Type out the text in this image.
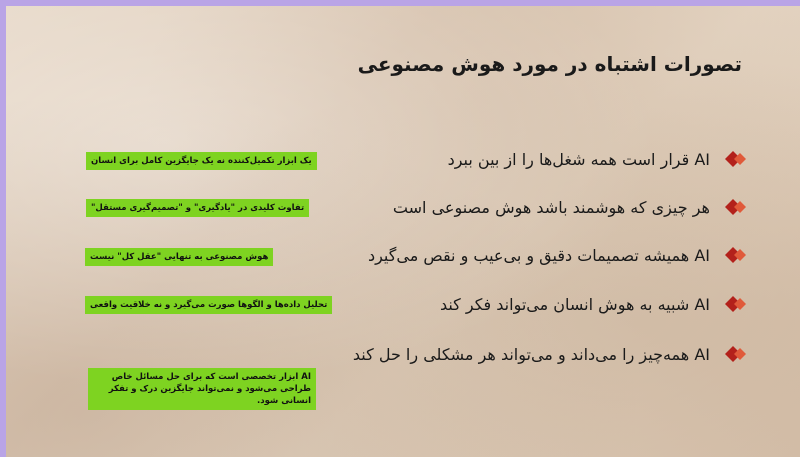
تصورات اشتباه در مورد هوش مصنوعی
AI قرار است همه شغل‌ها را از بین ببرد
یک ابزار تکمیل‌کننده نه یک جایگزین کامل برای انسان
هر چیزی که هوشمند باشد هوش مصنوعی است
تفاوت کلیدی در "یادگیری" و "تصمیم‌گیری مستقل"
AI همیشه تصمیمات دقیق و بی‌عیب و نقص می‌گیرد
هوش مصنوعی به تنهایی "عقل کل" نیست
AI شبیه به هوش انسان می‌تواند فکر کند
تحلیل داده‌ها و الگوها صورت می‌گیرد و نه خلاقیت واقعی
AI همه‌چیز را می‌داند و می‌تواند هر مشکلی را حل کند
AI ابزار تخصصی است که برای حل مسائل خاص طراحی می‌شود و نمی‌تواند جایگزین درک و تفکر انسانی شود.
